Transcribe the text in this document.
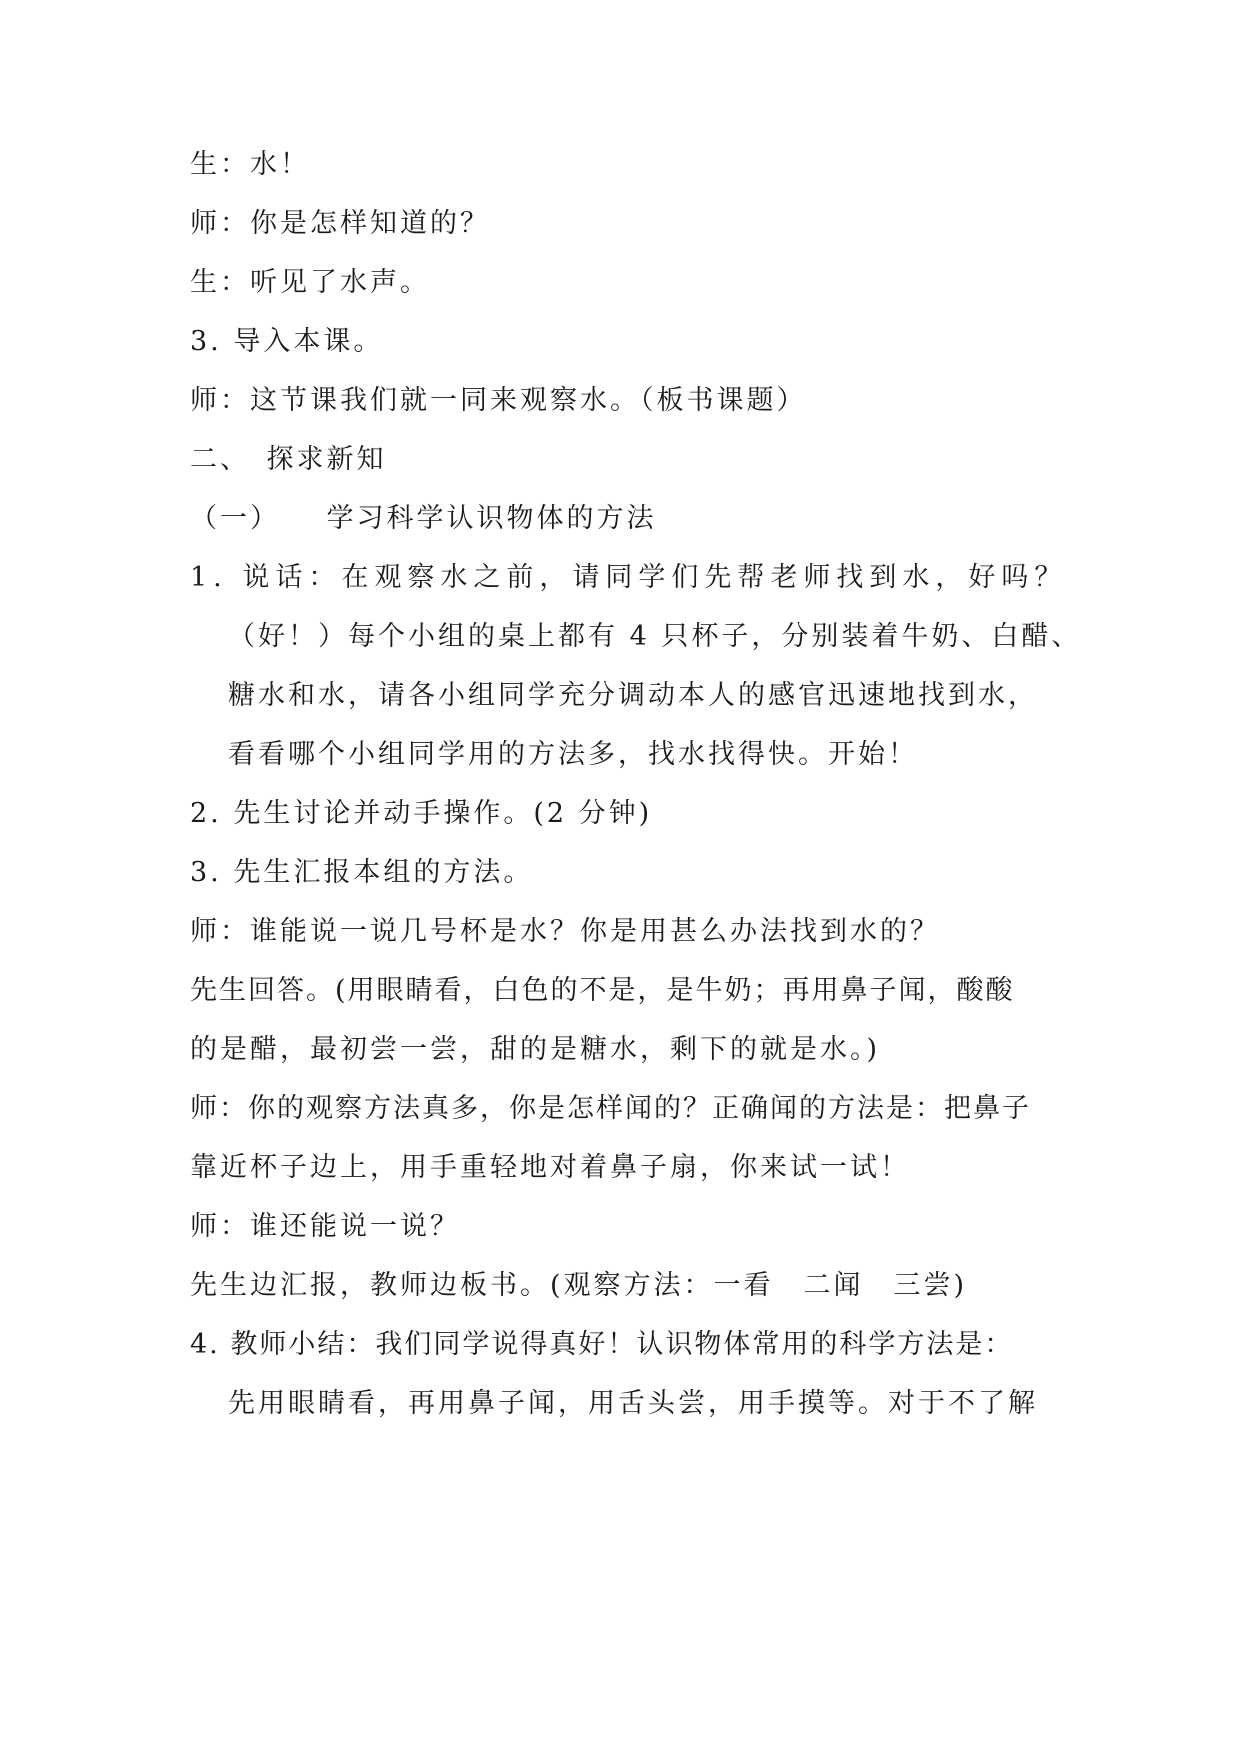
生：水！
师：你是怎样知道的？
生：听见了水声。
3. 导入本课。
师：这节课我们就一同来观察水。（板书课题）
二、　探求新知
（一）　　学习科学认识物体的方法
1. 说话：在观察水之前，请同学们先帮老师找到水，好吗？
（好！）每个小组的桌上都有 4 只杯子，分别装着牛奶、白醋、
糖水和水，请各小组同学充分调动本人的感官迅速地找到水，
看看哪个小组同学用的方法多，找水找得快。开始！
2. 先生讨论并动手操作。(2 分钟)
3. 先生汇报本组的方法。
师：谁能说一说几号杯是水？你是用甚么办法找到水的？
先生回答。(用眼睛看，白色的不是，是牛奶；再用鼻子闻，酸酸
的是醋，最初尝一尝，甜的是糖水，剩下的就是水。)
师：你的观察方法真多，你是怎样闻的？正确闻的方法是：把鼻子
靠近杯子边上，用手重轻地对着鼻子扇，你来试一试！
师：谁还能说一说？
先生边汇报，教师边板书。(观察方法：一看　二闻　三尝)
4. 教师小结：我们同学说得真好！认识物体常用的科学方法是：
先用眼睛看，再用鼻子闻，用舌头尝，用手摸等。对于不了解
